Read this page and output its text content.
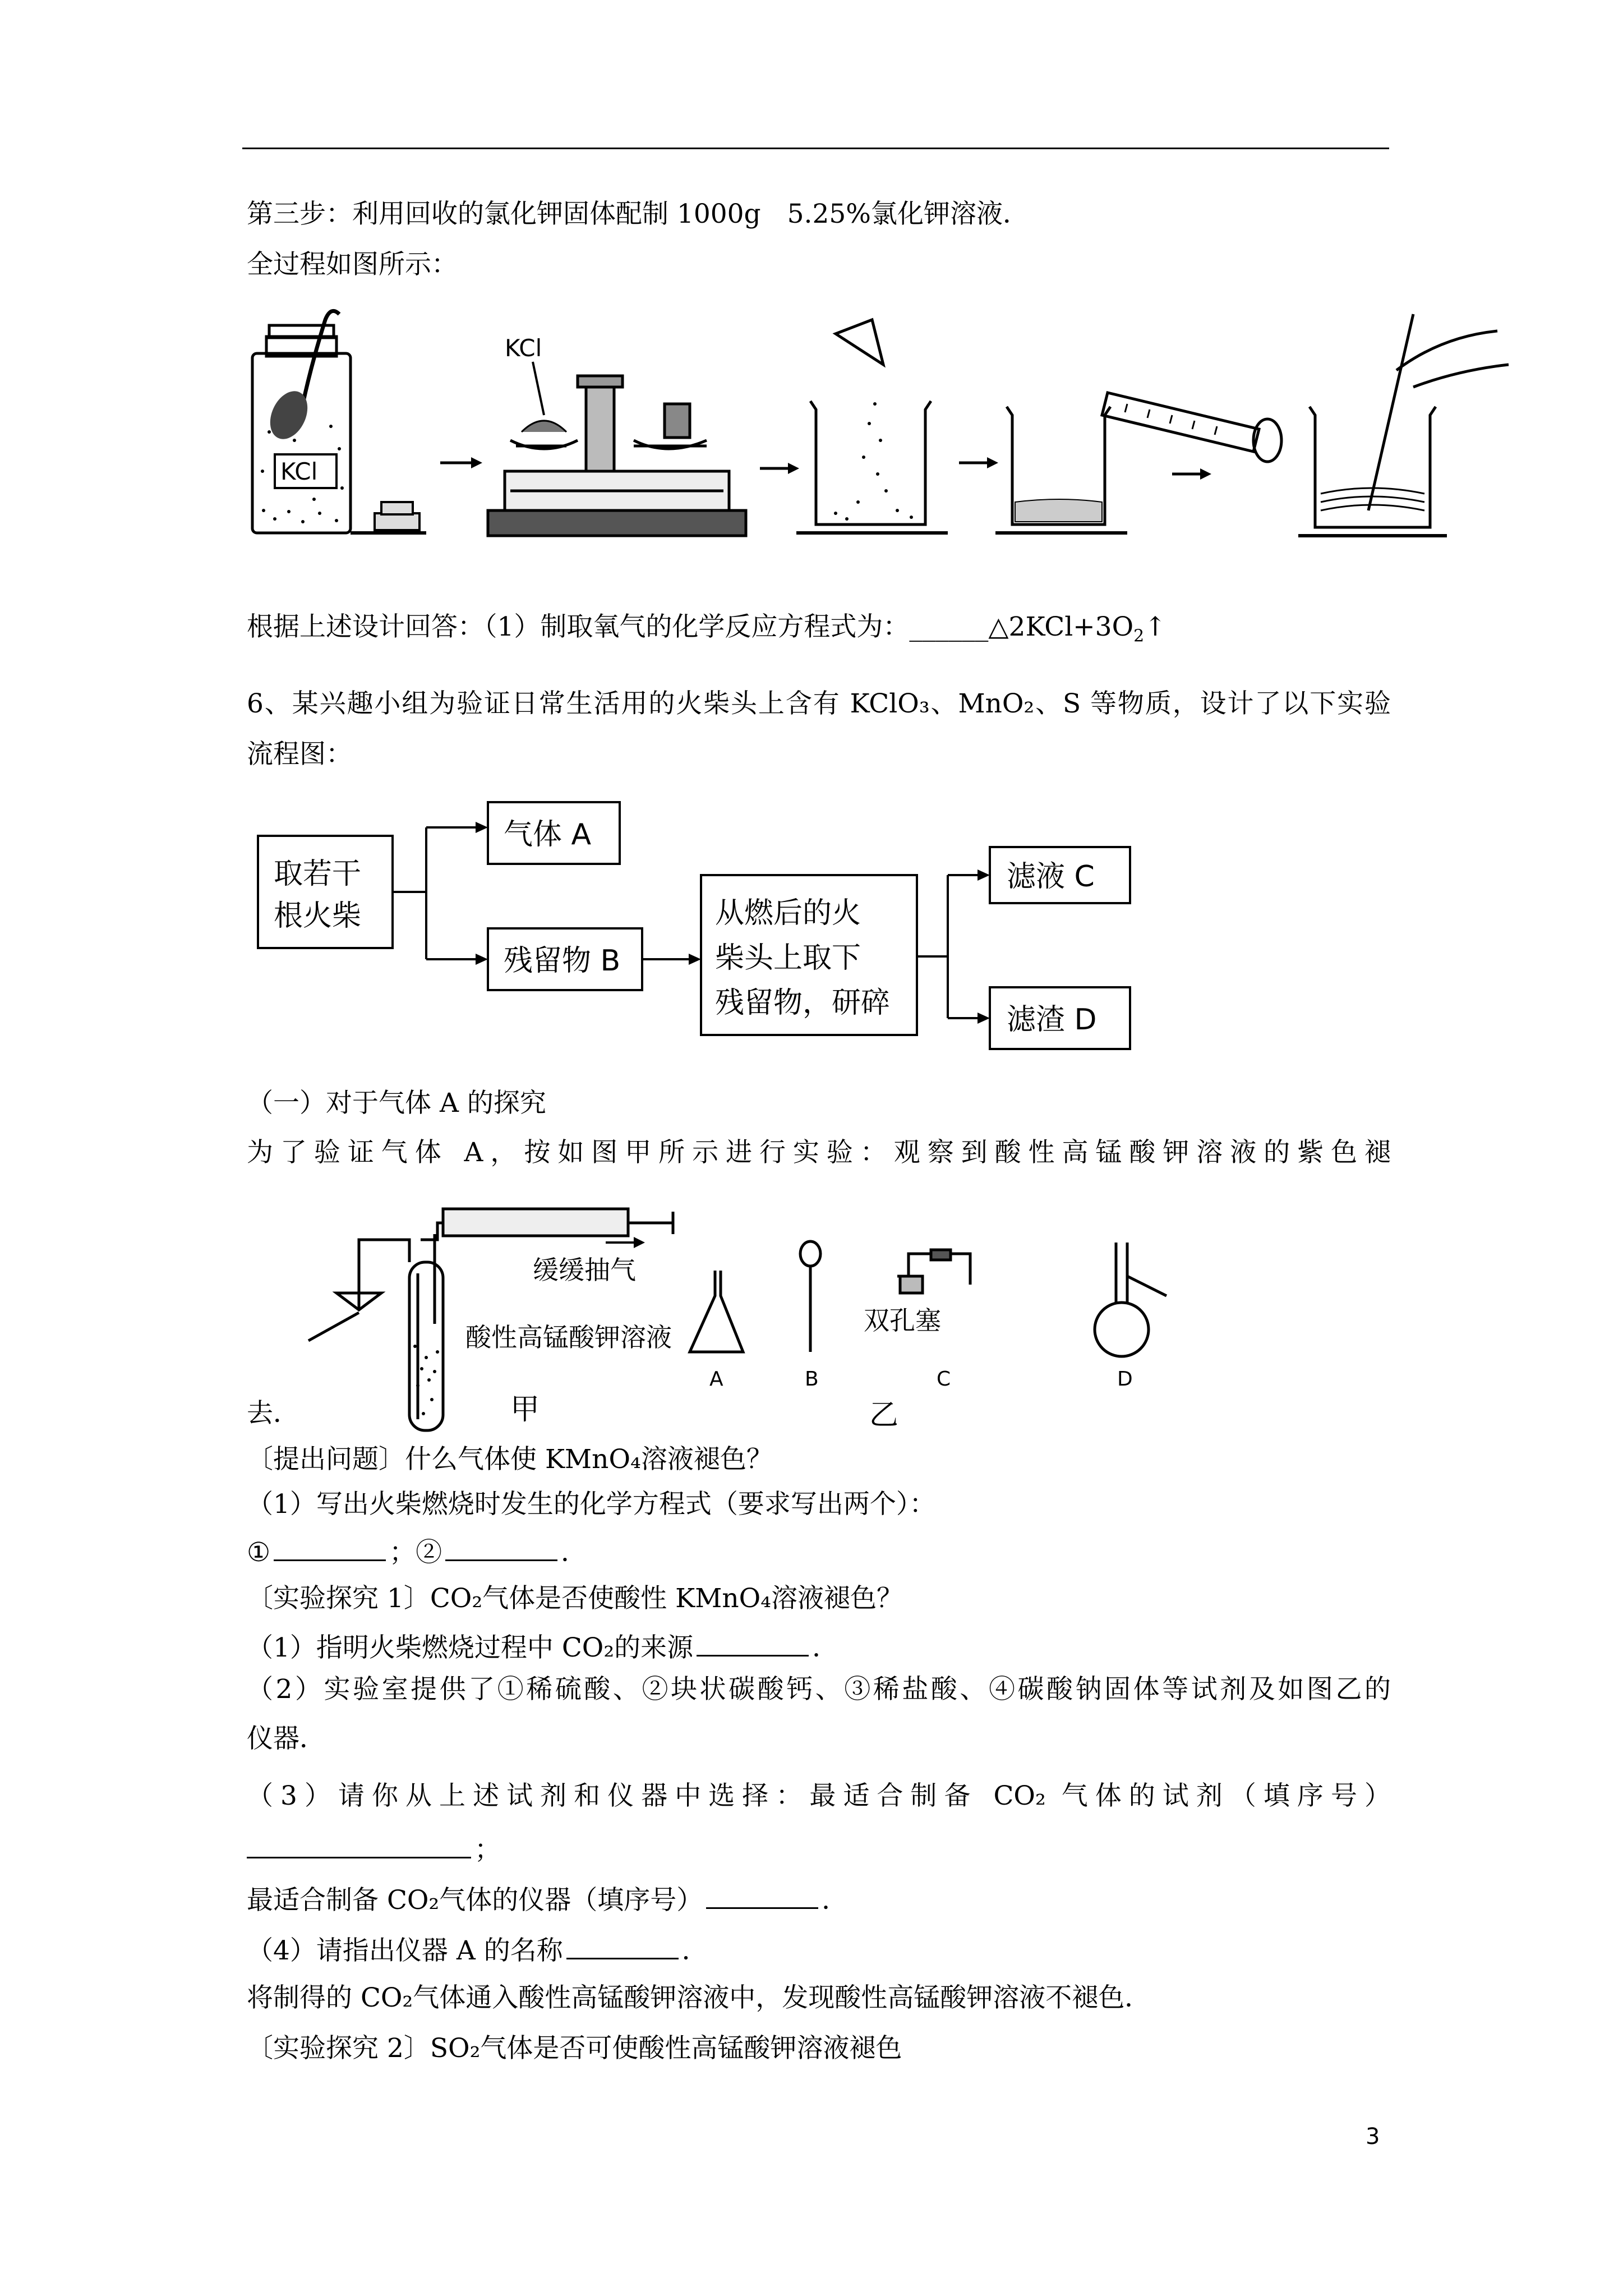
第三步：利用回收的氯化钾固体配制 1000g　5.25%氯化钾溶液．
全过程如图所示：
KCl
KCl
根据上述设计回答：（1）制取氧气的化学反应方程式为：$\_\_\_\_\_\_\triangle 2KCl+3O_2↑$
6、某兴趣小组为验证日常生活用的火柴头上含有 KClO₃、MnO₂、S 等物质，设计了以下实验
流程图：
取若干
根火柴
气体 A
残留物 B
从燃后的火
柴头上取下
残留物，研碎
滤液 C
滤渣 D
（一）对于气体 A 的探究
为了验证气体 A，按如图甲所示进行实验：观察到酸性高锰酸钾溶液的紫色褪
缓缓抽气
酸性高锰酸钾溶液
甲
A	B
双孔塞
C	D
乙
去．
〔提出问题〕什么气体使 KMnO₄溶液褪色？
（1）写出火柴燃烧时发生的化学方程式（要求写出两个）：
①	；②	．
〔实验探究 1〕CO₂气体是否使酸性 KMnO₄溶液褪色？
（1）指明火柴燃烧过程中 CO₂的来源	．
（2）实验室提供了①稀硫酸、②块状碳酸钙、③稀盐酸、④碳酸钠固体等试剂及如图乙的
仪器．
（3）请你从上述试剂和仪器中选择：最适合制备 CO₂ 气体的试剂（填序号）
；
最适合制备 CO₂气体的仪器（填序号）	．
（4）请指出仪器 A 的名称	．
将制得的 CO₂气体通入酸性高锰酸钾溶液中，发现酸性高锰酸钾溶液不褪色．
〔实验探究 2〕SO₂气体是否可使酸性高锰酸钾溶液褪色
3
